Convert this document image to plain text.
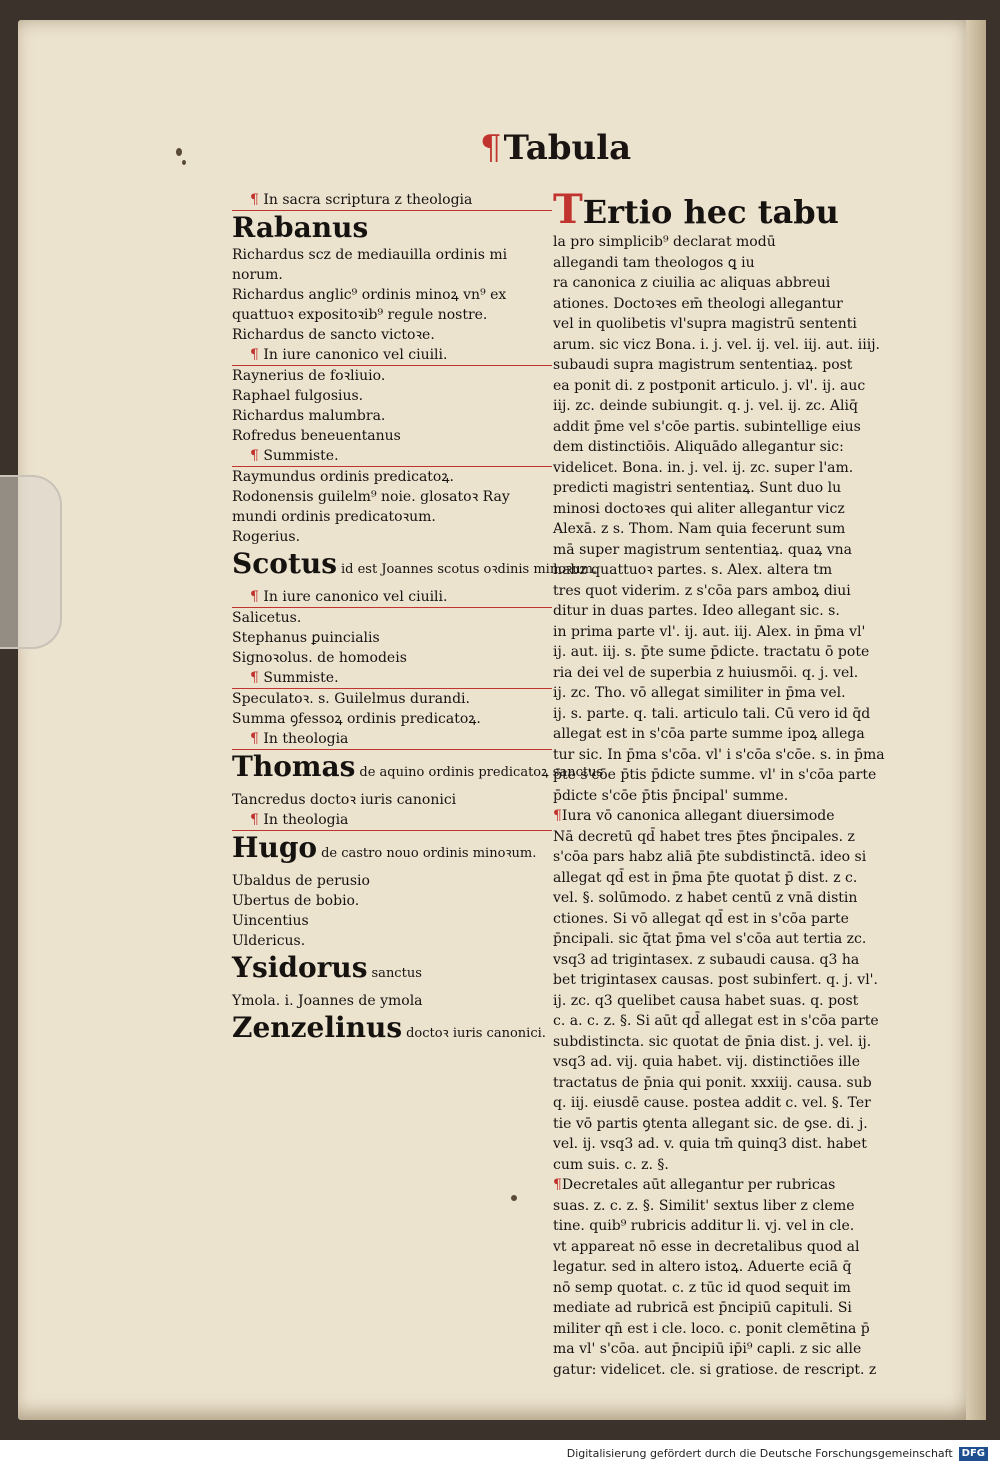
¶Tabula
¶ In sacra scriptura z theologia
Rabanus
Richardus scz de mediauilla ordinis mi
norum.
Richardus anglic⁹ ordinis minoꝝ vn⁹ ex
quattuoꝛ expositoꝛib⁹ regule nostre.
Richardus de sancto victoꝛe.
¶ In iure canonico vel ciuili.
Raynerius de foꝛliuio.
Raphael fulgosius.
Richardus malumbra.
Rofredus beneuentanus
¶ Summiste.
Raymundus ordinis predicatoꝝ.
Rodonensis guilelm⁹ noie. glosatoꝛ Ray
mundi ordinis predicatoꝛum.
Rogerius.
Scotus id est Joannes scotus oꝛdinis minoꝛum.
¶ In iure canonico vel ciuili.
Salicetus.
Stephanus ꝑuincialis
Signoꝛolus. de homodeis
¶ Summiste.
Speculatoꝛ. s. Guilelmus durandi.
Summa ꝯfessoꝝ ordinis predicatoꝝ.
¶ In theologia
Thomas de aquino ordinis predicatoꝝ sanctus
Tancredus doctoꝛ iuris canonici
¶ In theologia
Hugo de castro nouo ordinis minoꝛum.
Ubaldus de perusio
Ubertus de bobio.
Uincentius
Uldericus.
Ysidorus sanctus
Ymola. i. Joannes de ymola
Zenzelinus doctoꝛ iuris canonici.
TErtio hec tabu
la pro simplicib⁹ declarat modū
allegandi tam theologos ꝗ iu
ra canonica z ciuilia ac aliquas abbreui
ationes. Doctoꝛes em̄ theologi allegantur
vel in quolibetis vl'supra magistrū sententi
arum. sic vicz Bona. i. j. vel. ij. vel. iij. aut. iiij.
subaudi supra magistrum sententiaꝝ. post
ea ponit di. z postponit articulo. j. vl'. ij. auc
iij. zc. deinde subiungit. q. j. vel. ij. zc. Aliq̄
addit p̄me vel s'cōe partis. subintellige eius
dem distinctiōis. Aliquādo allegantur sic:
videlicet. Bona. in. j. vel. ij. zc. super l'am.
predicti magistri sententiaꝝ. Sunt duo lu
minosi doctoꝛes qui aliter allegantur vicz
Alexā. z s. Thom. Nam quia fecerunt sum
mā super magistrum sententiaꝝ. quaꝝ vna
habz quattuoꝛ partes. s. Alex. altera tm
tres quot viderim. z s'cōa pars amboꝝ diui
ditur in duas partes. Ideo allegant sic. s.
in prima parte vl'. ij. aut. iij. Alex. in p̄ma vl'
ij. aut. iij. s. p̄te sume p̄dicte. tractatu ō pote
ria dei vel de superbia z huiusmōi. q. j. vel.
ij. zc. Tho. vō allegat similiter in p̄ma vel.
ij. s. parte. q. tali. articulo tali. Cū vero id q̄d
allegat est in s'cōa parte summe ipoꝝ allega
tur sic. In p̄ma s'cōa. vl' i s'cōa s'cōe. s. in p̄ma
p̄te s'cōe p̄tis p̄dicte summe. vl' in s'cōa parte
p̄dicte s'cōe p̄tis p̄ncipal' summe.
¶Iura vō canonica allegant diuersimode
Nā decretū qd̄ habet tres p̄tes p̄ncipales. z
s'cōa pars habz aliā p̄te subdistinctā. ideo si
allegat qd̄ est in p̄ma p̄te quotat p̄ dist. z c.
vel. §. solūmodo. z habet centū z vnā distin
ctiones. Si vō allegat qd̄ est in s'cōa parte
p̄ncipali. sic q̄tat p̄ma vel s'cōa aut tertia zc.
vsq3 ad trigintasex. z subaudi causa. q3 ha
bet trigintasex causas. post subinfert. q. j. vl'.
ij. zc. q3 quelibet causa habet suas. q. post
c. a. c. z. §. Si aūt qd̄ allegat est in s'cōa parte
subdistincta. sic quotat de p̄nia dist. j. vel. ij.
vsq3 ad. vij. quia habet. vij. distinctiōes ille
tractatus de p̄nia qui ponit. xxxiij. causa. sub
q. iij. eiusdē cause. postea addit c. vel. §. Ter
tie vō partis ꝯtenta allegant sic. de ꝯse. di. j.
vel. ij. vsq3 ad. v. quia tm̄ quinq3 dist. habet
cum suis. c. z. §.
¶Decretales aūt allegantur per rubricas
suas. z. c. z. §. Similit' sextus liber z cleme
tine. quib⁹ rubricis additur li. vj. vel in cle.
vt appareat nō esse in decretalibus quod al
legatur. sed in altero istoꝝ. Aduerte eciā q̄
nō semp quotat. c. z tūc id quod sequit im
mediate ad rubricā est p̄ncipiū capituli. Si
militer qn̄ est i cle. loco. c. ponit clemētina p̄
ma vl' s'cōa. aut p̄ncipiū ip̄i⁹ capli. z sic alle
gatur: videlicet. cle. si gratiose. de rescript. z
Digitalisierung gefördert durch die Deutsche Forschungsgemeinschaft DFG
